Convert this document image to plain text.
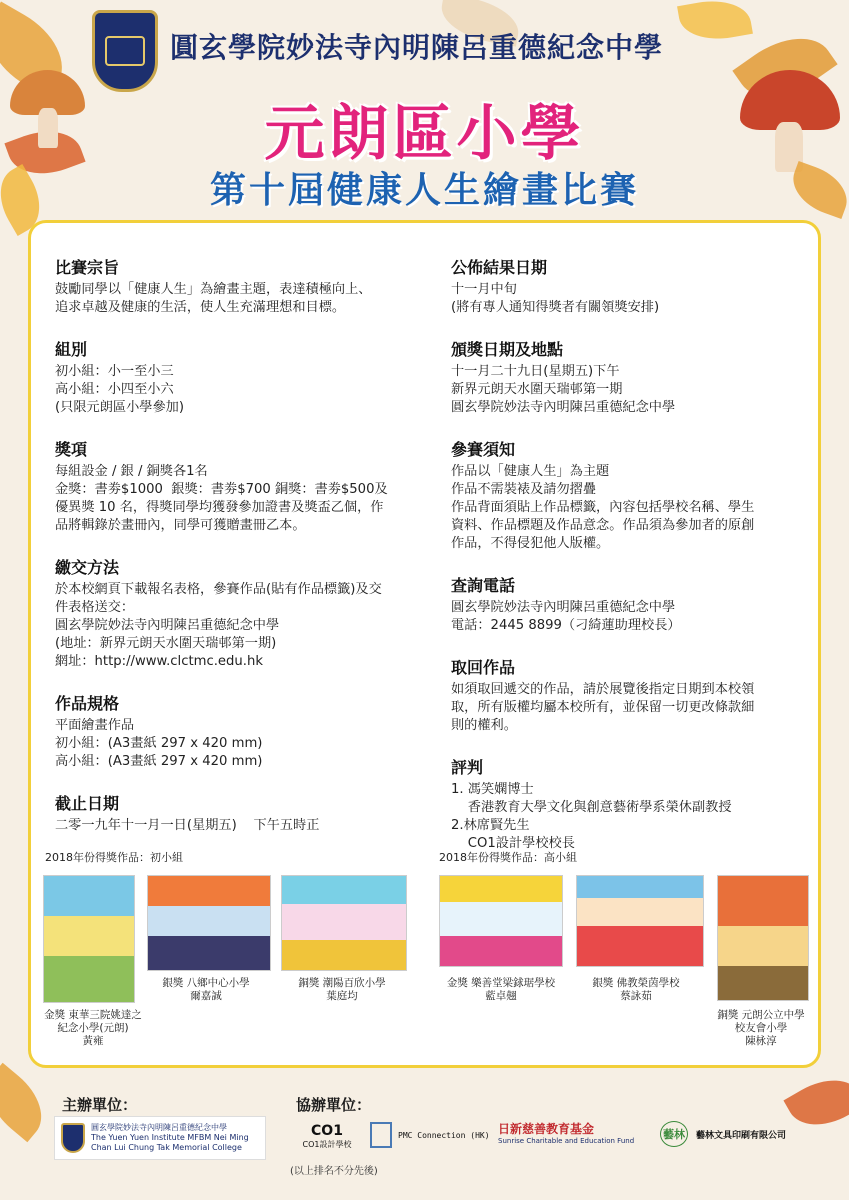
圓玄學院妙法寺內明陳呂重德紀念中學
元朗區小學
第十屆健康人生繪畫比賽
比賽宗旨
鼓勵同學以「健康人生」為繪畫主題，表達積極向上、
追求卓越及健康的生活，使人生充滿理想和目標。
組別
初小組：小一至小三
高小組：小四至小六
(只限元朗區小學參加)
獎項
每組設金 / 銀 / 銅獎各1名
金獎：書劵$1000  銀獎：書劵$700 銅獎：書劵$500及
優異獎 10 名，得獎同學均獲發參加證書及獎盃乙個，作
品將輯錄於畫冊內，同學可獲贈畫冊乙本。
繳交方法
於本校網頁下載報名表格，參賽作品(貼有作品標籤)及交
件表格送交：
圓玄學院妙法寺內明陳呂重德紀念中學
(地址：新界元朗天水圍天瑞邨第一期)
網址：http://www.clctmc.edu.hk
作品規格
平面繪畫作品
初小組：(A3畫紙 297 x 420 mm)
高小組：(A3畫紙 297 x 420 mm)
截止日期
二零一九年十一月一日(星期五)    下午五時正
公佈結果日期
十一月中旬
(將有專人通知得獎者有關領獎安排)
頒獎日期及地點
十一月二十九日(星期五)下午
新界元朗天水圍天瑞邨第一期
圓玄學院妙法寺內明陳呂重德紀念中學
參賽須知
作品以「健康人生」為主題
作品不需裝裱及請勿摺疊
作品背面須貼上作品標籤，內容包括學校名稱、學生
資料、作品標題及作品意念。作品須為參加者的原創
作品，不得侵犯他人版權。
查詢電話
圓玄學院妙法寺內明陳呂重德紀念中學
電話：2445 8899（刁綺蓮助理校長）
取回作品
如須取回遞交的作品，請於展覽後指定日期到本校領
取，所有版權均屬本校所有，並保留一切更改條款細
則的權利。
評判
1. 馮笑嫻博士
香港教育大學文化與創意藝術學系榮休副教授
2.林席賢先生
CO1設計學校校長
2018年份得獎作品：初小組	2018年份得獎作品：高小組
金獎 東華三院姚達之
紀念小學(元朗)
黃雍
銀獎 八鄉中心小學
爾嘉誠
銅獎 潮陽百欣小學
葉庭均
金獎 樂善堂梁銶琚學校
藍卓翹
銀獎 佛教榮茵學校
蔡詠茹
銅獎 元朗公立中學
校友會小學
陳栐淳
主辦單位 ：	協辦單位 ：
圓玄學院妙法寺內明陳呂重德紀念中學
The Yuen Yuen Institute MFBM Nei Ming
Chan Lui Chung Tak Memorial College
CO1
CO1設計學校
PMC Connection (HK) 日新慈善教育基金
Sunrise Charitable and Education Fund	藝林	藝林文具印刷有限公司
(以上排名不分先後)
